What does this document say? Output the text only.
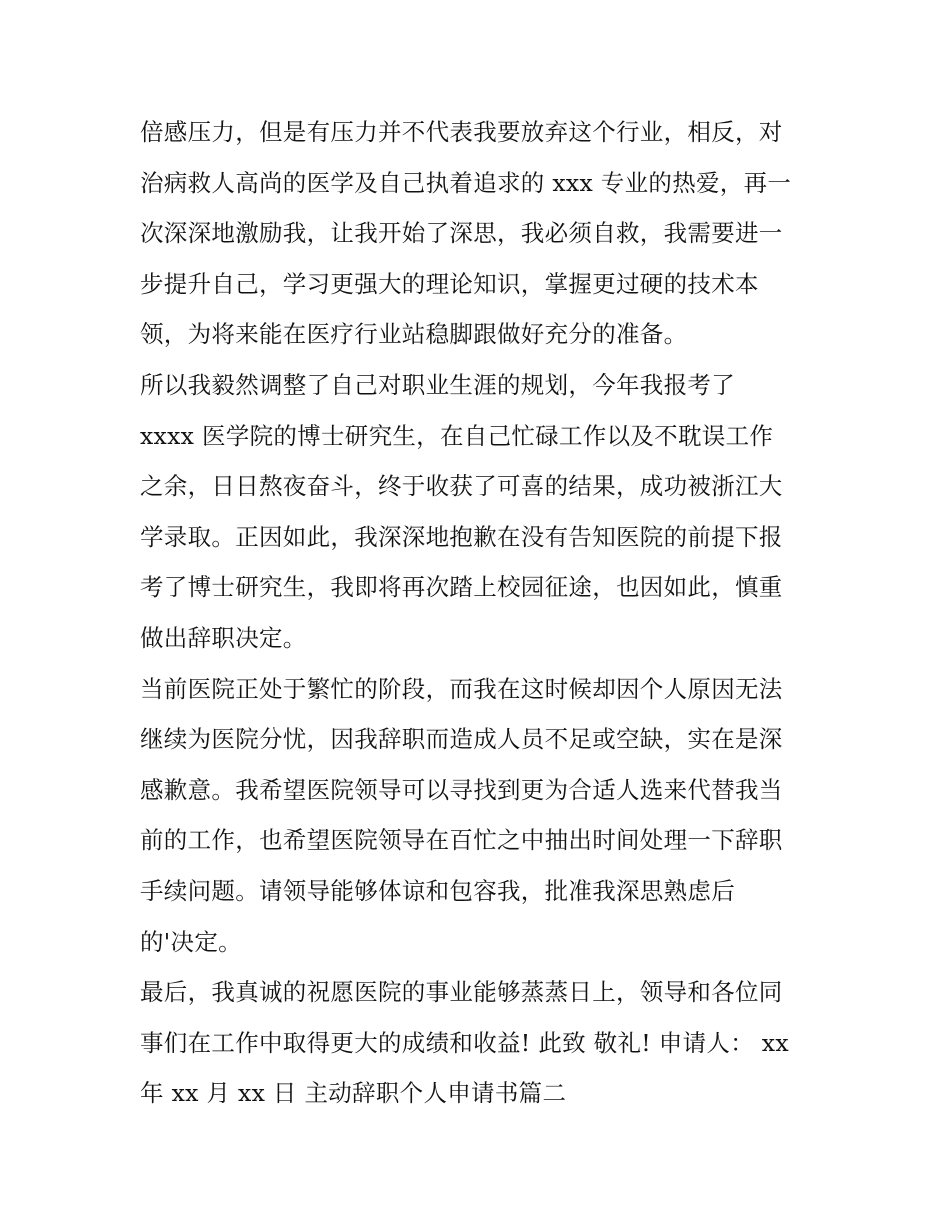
倍感压力，但是有压力并不代表我要放弃这个行业，相反，对
治病救人高尚的医学及自己执着追求的 xxx 专业的热爱，再一
次深深地激励我，让我开始了深思，我必须自救，我需要进一
步提升自己，学习更强大的理论知识，掌握更过硬的技术本
领，为将来能在医疗行业站稳脚跟做好充分的准备。
所以我毅然调整了自己对职业生涯的规划，今年我报考了
xxxx 医学院的博士研究生，在自己忙碌工作以及不耽误工作
之余，日日熬夜奋斗，终于收获了可喜的结果，成功被浙江大
学录取。正因如此，我深深地抱歉在没有告知医院的前提下报
考了博士研究生，我即将再次踏上校园征途，也因如此，慎重
做出辞职决定。
当前医院正处于繁忙的阶段，而我在这时候却因个人原因无法
继续为医院分忧，因我辞职而造成人员不足或空缺，实在是深
感歉意。我希望医院领导可以寻找到更为合适人选来代替我当
前的工作，也希望医院领导在百忙之中抽出时间处理一下辞职
手续问题。请领导能够体谅和包容我，批准我深思熟虑后
的'决定。
最后，我真诚的祝愿医院的事业能够蒸蒸日上，领导和各位同
事们在工作中取得更大的成绩和收益! 此致 敬礼! 申请人： xx
年 xx 月 xx 日 主动辞职个人申请书篇二
